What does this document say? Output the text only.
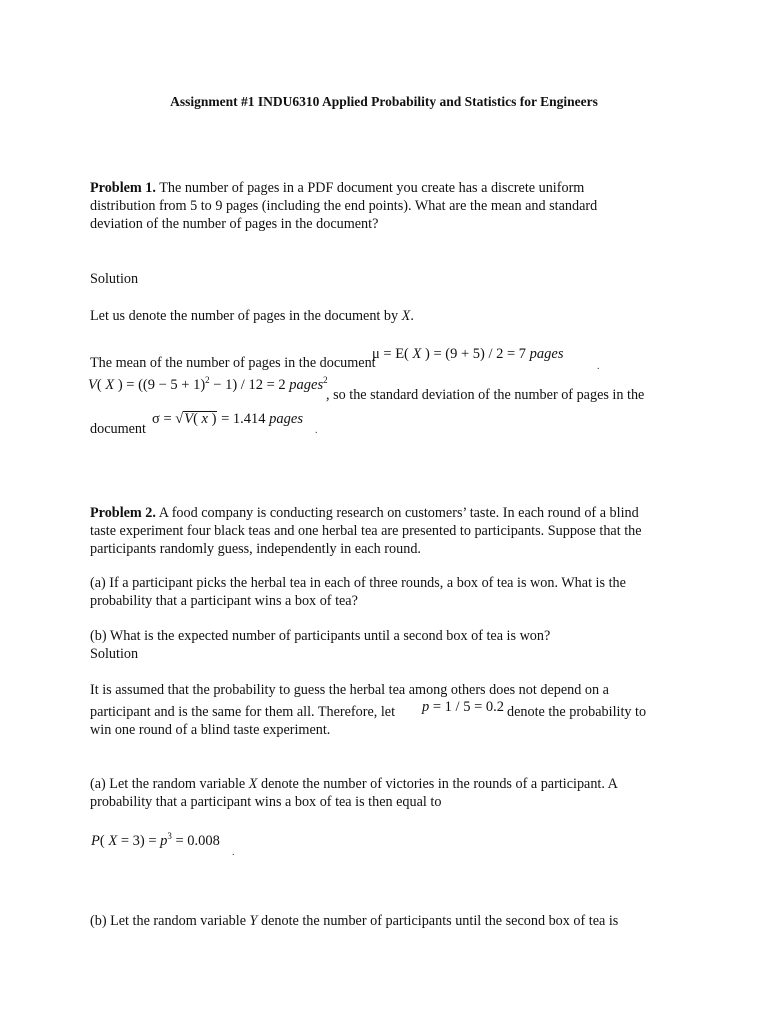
Assignment #1 INDU6310 Applied Probability and Statistics for Engineers
Problem 1. The number of pages in a PDF document you create has a discrete uniform
distribution from 5 to 9 pages (including the end points). What are the mean and standard
deviation of the number of pages in the document?
Solution
Let us denote the number of pages in the document by X.
The mean of the number of pages in the document
μ = E( X ) = (9 + 5) / 2 = 7 pages
.
V( X ) = $((9 - 5 + 1)^2 - 1) / 12 = 2$ pages$^2$
, so the standard deviation of the number of pages in the
document
σ = √V( x ) = 1.414 pages
.
Problem 2. A food company is conducting research on customers’ taste. In each round of a blind
taste experiment four black teas and one herbal tea are presented to participants. Suppose that the
participants randomly guess, independently in each round.
(a) If a participant picks the herbal tea in each of three rounds, a box of tea is won. What is the
probability that a participant wins a box of tea?
(b) What is the expected number of participants until a second box of tea is won?
Solution
It is assumed that the probability to guess the herbal tea among others does not depend on a
participant and is the same for them all. Therefore, let p = 1 / 5 = 0.2 denote the probability to
win one round of a blind taste experiment.
(a) Let the random variable X denote the number of victories in the rounds of a participant. A
probability that a participant wins a box of tea is then equal to
P( $X = 3) = p^3 = 0.008$
.
(b) Let the random variable Y denote the number of participants until the second box of tea is
